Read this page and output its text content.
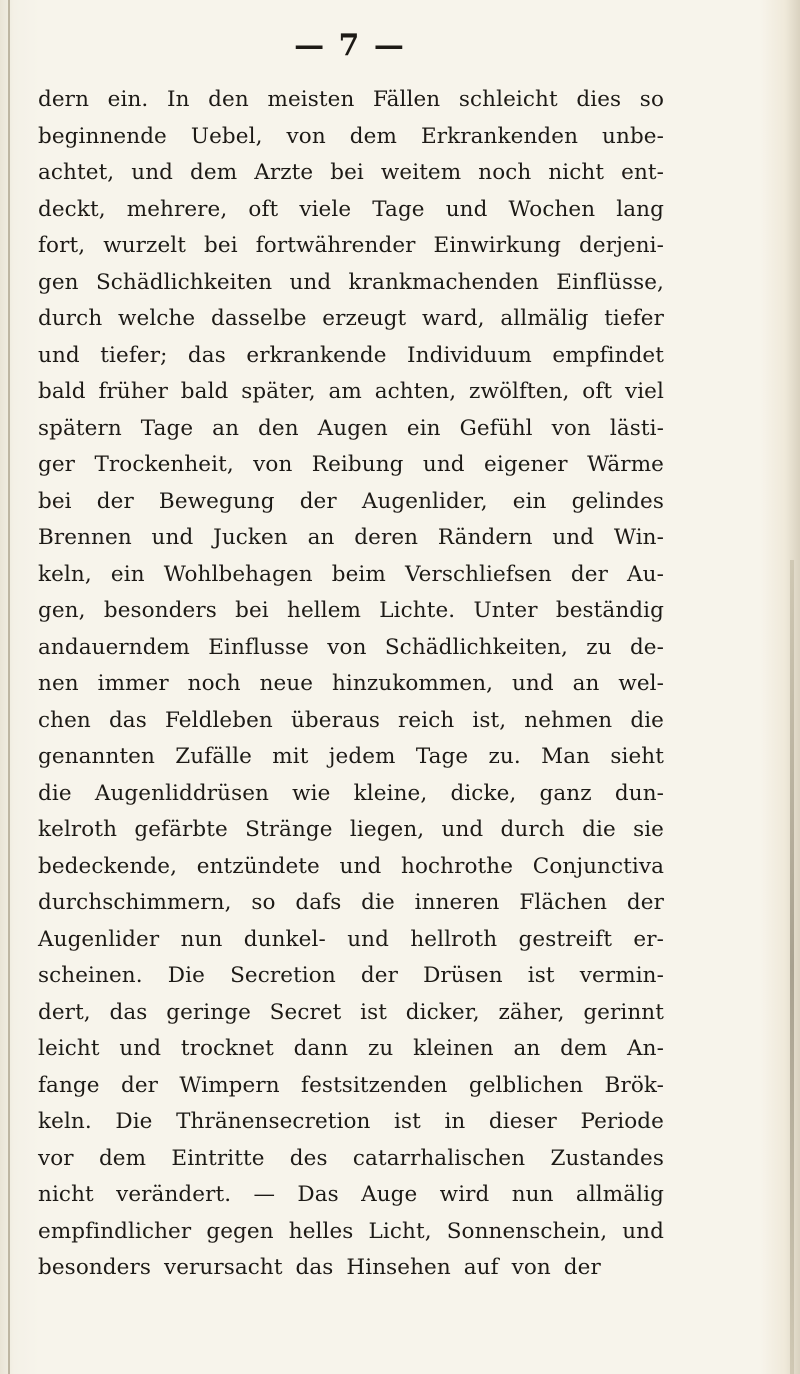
— 7 —
dern ein. In den meisten Fällen schleicht dies so
beginnende Uebel, von dem Erkrankenden unbe-
achtet, und dem Arzte bei weitem noch nicht ent-
deckt, mehrere, oft viele Tage und Wochen lang
fort, wurzelt bei fortwährender Einwirkung derjeni-
gen Schädlichkeiten und krankmachenden Einflüsse,
durch welche dasselbe erzeugt ward, allmälig tiefer
und tiefer; das erkrankende Individuum empfindet
bald früher bald später, am achten, zwölften, oft viel
spätern Tage an den Augen ein Gefühl von lästi-
ger Trockenheit, von Reibung und eigener Wärme
bei der Bewegung der Augenlider, ein gelindes
Brennen und Jucken an deren Rändern und Win-
keln, ein Wohlbehagen beim Verschliefsen der Au-
gen, besonders bei hellem Lichte. Unter beständig
andauerndem Einflusse von Schädlichkeiten, zu de-
nen immer noch neue hinzukommen, und an wel-
chen das Feldleben überaus reich ist, nehmen die
genannten Zufälle mit jedem Tage zu. Man sieht
die Augenliddrüsen wie kleine, dicke, ganz dun-
kelroth gefärbte Stränge liegen, und durch die sie
bedeckende, entzündete und hochrothe Conjunctiva
durchschimmern, so dafs die inneren Flächen der
Augenlider nun dunkel- und hellroth gestreift er-
scheinen. Die Secretion der Drüsen ist vermin-
dert, das geringe Secret ist dicker, zäher, gerinnt
leicht und trocknet dann zu kleinen an dem An-
fange der Wimpern festsitzenden gelblichen Brök-
keln. Die Thränensecretion ist in dieser Periode
vor dem Eintritte des catarrhalischen Zustandes
nicht verändert. — Das Auge wird nun allmälig
empfindlicher gegen helles Licht, Sonnenschein, und
besonders verursacht das Hinsehen auf von der
